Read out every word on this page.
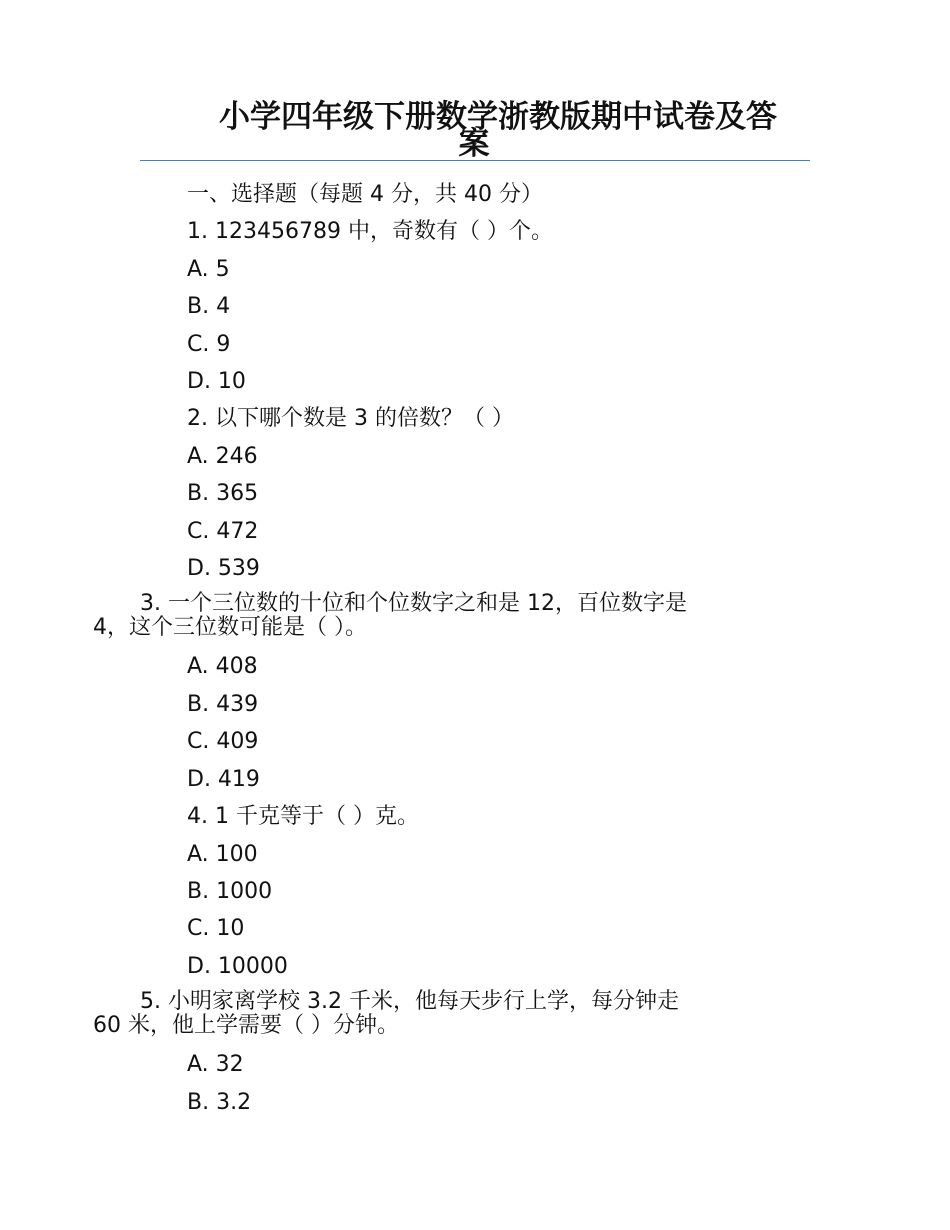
小学四年级下册数学浙教版期中试卷及答
案
一、选择题（每题 4 分，共 40 分）
1. 123456789 中，奇数有（ ）个。
A. 5
B. 4
C. 9
D. 10
2. 以下哪个数是 3 的倍数？（ ）
A. 246
B. 365
C. 472
D. 539
3. 一个三位数的十位和个位数字之和是 12，百位数字是
4，这个三位数可能是（ ）。
A. 408
B. 439
C. 409
D. 419
4. 1 千克等于（ ）克。
A. 100
B. 1000
C. 10
D. 10000
5. 小明家离学校 3.2 千米，他每天步行上学，每分钟走
60 米，他上学需要（ ）分钟。
A. 32
B. 3.2
